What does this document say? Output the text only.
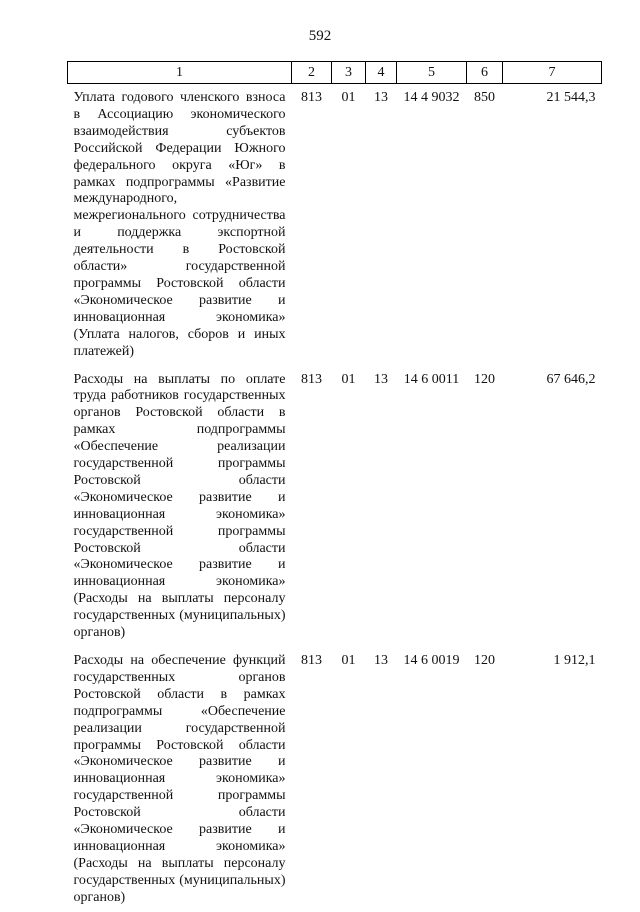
592
1	2	3	4	5	6	7
Уплата годового членского взноса в Ассоциацию экономического взаимодействия субъектов Российской Федерации Южного федерального округа «Юг» в рамках подпрограммы «Развитие международного, межрегионального сотрудничества и поддержка экспортной деятельности в Ростовской области» государственной программы Ростовской области «Экономическое развитие и инновационная экономика» (Уплата налогов, сборов и иных платежей)	813	01	13	14 4 9032	850	21 544,3
Расходы на выплаты по оплате труда работников государственных органов Ростовской области в рамках подпрограммы «Обеспечение реализации государственной программы Ростовской области «Экономическое развитие и инновационная экономика» государственной программы Ростовской области «Экономическое развитие и инновационная экономика» (Расходы на выплаты персоналу государственных (муниципальных) органов)	813	01	13	14 6 0011	120	67 646,2
Расходы на обеспечение функций государственных органов Ростовской области в рамках подпрограммы «Обеспечение реализации государственной программы Ростовской области «Экономическое развитие и инновационная экономика» государственной программы Ростовской области «Экономическое развитие и инновационная экономика» (Расходы на выплаты персоналу государственных (муниципальных) органов)	813	01	13	14 6 0019	120	1 912,1
